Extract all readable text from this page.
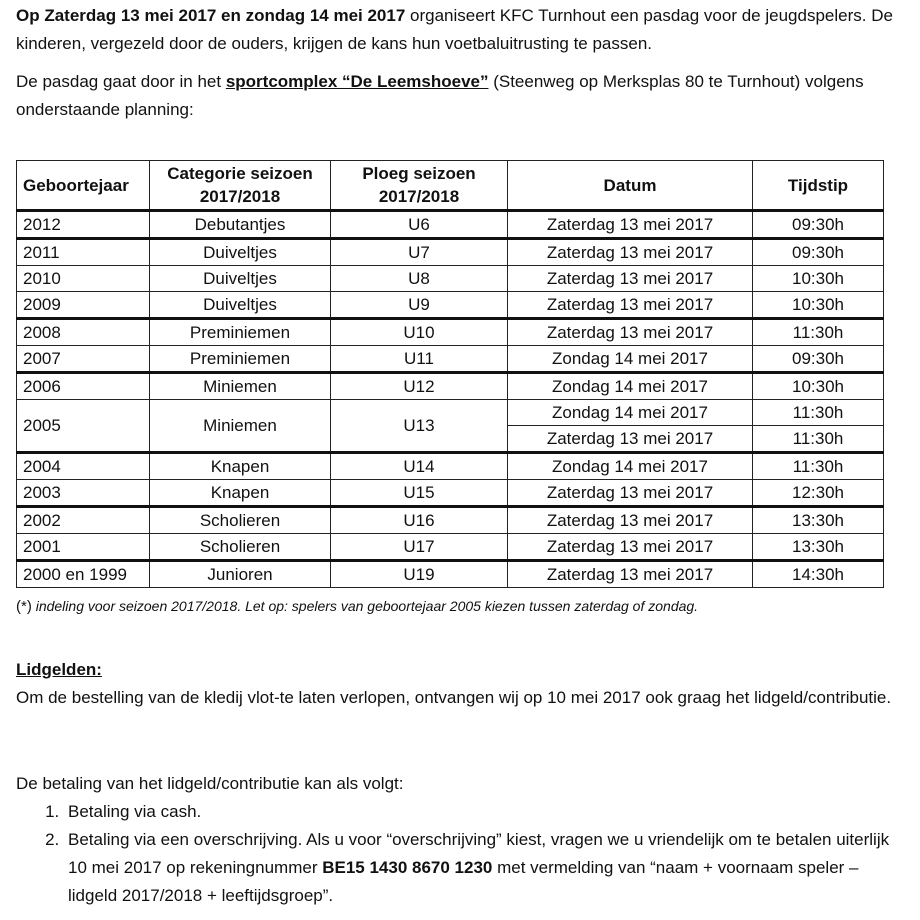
Op Zaterdag 13 mei 2017 en zondag 14 mei 2017 organiseert KFC Turnhout een pasdag voor de jeugdspelers. De kinderen, vergezeld door de ouders, krijgen de kans hun voetbaluitrusting te passen.

De pasdag gaat door in het sportcomplex “De Leemshoeve” (Steenweg op Merksplas 80 te Turnhout) volgens onderstaande planning:

Geboortejaar	Categorie seizoen 2017/2018	Ploeg seizoen 2017/2018	Datum	Tijdstip
2012	Debutantjes	U6	Zaterdag 13 mei 2017	09:30h
2011	Duiveltjes	U7	Zaterdag 13 mei 2017	09:30h
2010	Duiveltjes	U8	Zaterdag 13 mei 2017	10:30h
2009	Duiveltjes	U9	Zaterdag 13 mei 2017	10:30h
2008	Preminiemen	U10	Zaterdag 13 mei 2017	11:30h
2007	Preminiemen	U11	Zondag 14 mei 2017	09:30h
2006	Miniemen	U12	Zondag 14 mei 2017	10:30h
2005	Miniemen	U13	Zondag 14 mei 2017	11:30h
			Zaterdag 13 mei 2017	11:30h
2004	Knapen	U14	Zondag 14 mei 2017	11:30h
2003	Knapen	U15	Zaterdag 13 mei 2017	12:30h
2002	Scholieren	U16	Zaterdag 13 mei 2017	13:30h
2001	Scholieren	U17	Zaterdag 13 mei 2017	13:30h
2000 en 1999	Junioren	U19	Zaterdag 13 mei 2017	14:30h
(*) indeling voor seizoen 2017/2018. Let op: spelers van geboortejaar 2005 kiezen tussen zaterdag of zondag.
Lidgelden:

Om de bestelling van de kledij vlot-te laten verlopen, ontvangen wij op 10 mei 2017 ook graag het lidgeld/contributie.

De betaling van het lidgeld/contributie kan als volgt:

1. Betaling via cash.
2. Betaling via een overschrijving. Als u voor “overschrijving” kiest, vragen we u vriendelijk om te betalen uiterlijk 10 mei 2017 op rekeningnummer BE15 1430 8670 1230 met vermelding van “naam + voornaam speler – lidgeld 2017/2018 + leeftijdsgroep”.
